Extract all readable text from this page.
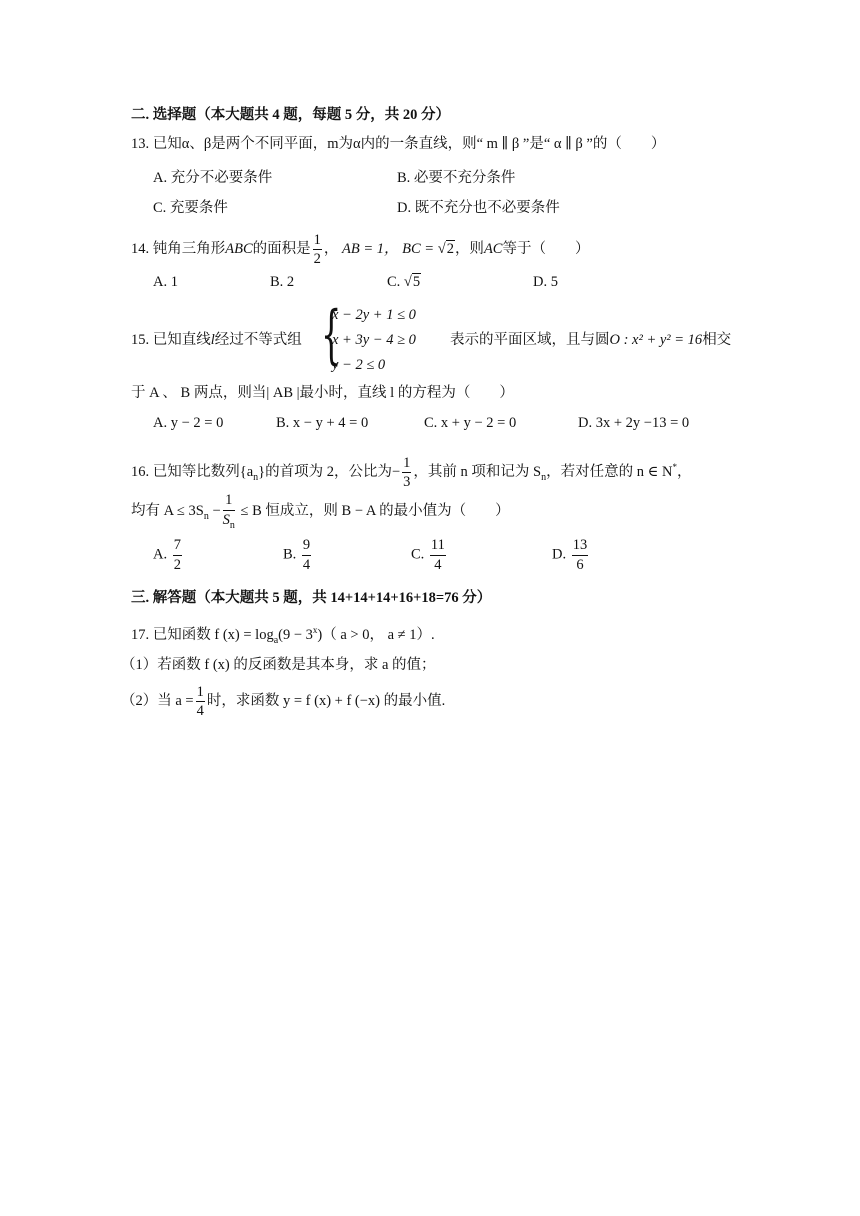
二. 选择题（本大题共 4 题，每题 5 分，共 20 分）
13. 已知α、β是两个不同平面，m为α内的一条直线，则“ m ∥ β ”是“ α ∥ β ”的（　　）
A. 充分不必要条件	B. 必要不充分条件
C. 充要条件	D. 既不充分也不必要条件
14. 钝角三角形ABC的面积是 $\frac{1}{2}$ ， AB = 1， BC = √2，则AC等于（　　）
A. 1	B. 2	C. √5	D. 5
15. 已知直线l经过不等式组 {
x − 2y + 1 ≤ 0
x + 3y − 4 ≥ 0
y − 2 ≤ 0
表示的平面区域，且与圆O : x² + y² = 16相交
于 A 、 B 两点，则当| AB |最小时，直线 l 的方程为（　　）
A. y − 2 = 0	B. x − y + 4 = 0	C. x + y − 2 = 0	D. 3x + 2y −13 = 0
16. 已知等比数列$\{a_n\}$的首项为 2，公比为− $\frac{1}{3}$ ，其前 n 项和记为 $S_n$，若对任意的 n ∈ N*，
均有 $A \le 3S_n - \frac{1}{S_n} \le B$ 恒成立，则 B − A 的最小值为（　　）
A. $\frac{7}{2}$	B. $\frac{9}{4}$	C. $\frac{11}{4}$	D. $\frac{13}{6}$
三. 解答题（本大题共 5 题，共 14+14+14+16+18=76 分）
17. 已知函数 f $(x) = \log_a(9 - 3^x)$（ a > 0， a ≠ 1）.
（1）若函数 f (x) 的反函数是其本身，求 a 的值；
（2）当 $a = \frac{1}{4}$ 时，求函数 y = f (x) + f (−x) 的最小值.
